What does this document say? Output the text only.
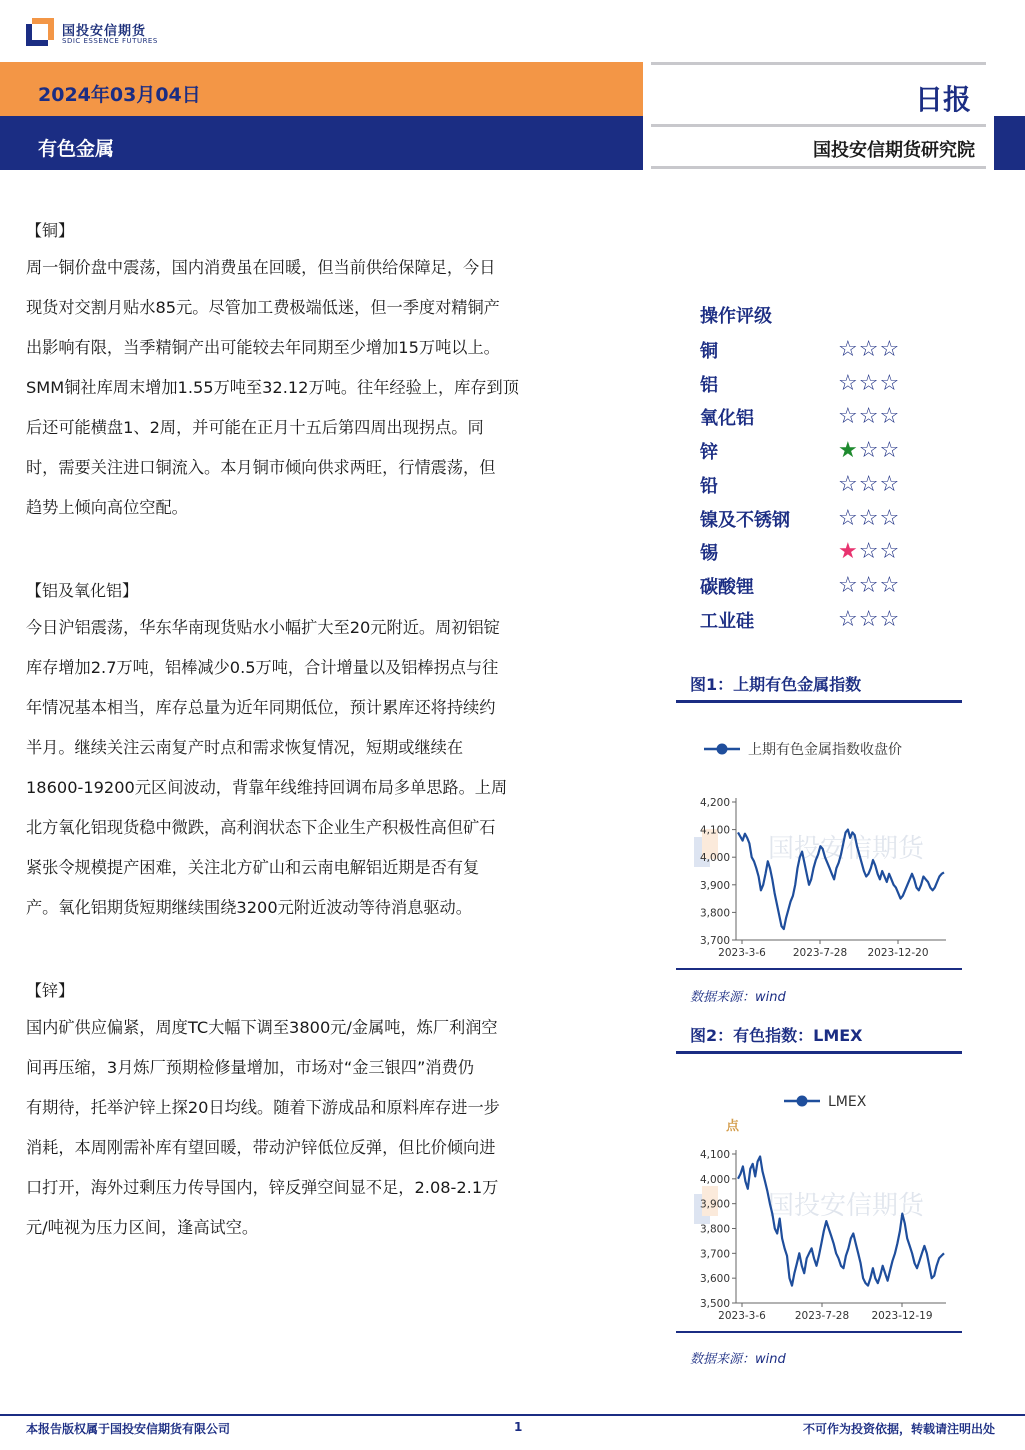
国投安信期货
SDIC ESSENCE FUTURES
2024年03月04日
有色金属
日报
国投安信期货研究院
【铜】
周一铜价盘中震荡，国内消费虽在回暖，但当前供给保障足，今日
现货对交割月贴水85元。尽管加工费极端低迷，但一季度对精铜产
出影响有限，当季精铜产出可能较去年同期至少增加15万吨以上。
SMM铜社库周末增加1.55万吨至32.12万吨。往年经验上，库存到顶
后还可能横盘1、2周，并可能在正月十五后第四周出现拐点。同
时，需要关注进口铜流入。本月铜市倾向供求两旺，行情震荡，但
趋势上倾向高位空配。
【铝及氧化铝】
今日沪铝震荡，华东华南现货贴水小幅扩大至20元附近。周初铝锭
库存增加2.7万吨，铝棒减少0.5万吨，合计增量以及铝棒拐点与往
年情况基本相当，库存总量为近年同期低位，预计累库还将持续约
半月。继续关注云南复产时点和需求恢复情况，短期或继续在
18600-19200元区间波动，背靠年线维持回调布局多单思路。上周
北方氧化铝现货稳中微跌，高利润状态下企业生产积极性高但矿石
紧张令规模提产困难，关注北方矿山和云南电解铝近期是否有复
产。氧化铝期货短期继续围绕3200元附近波动等待消息驱动。
【锌】
国内矿供应偏紧，周度TC大幅下调至3800元/金属吨，炼厂利润空
间再压缩，3月炼厂预期检修量增加，市场对“金三银四”消费仍
有期待，托举沪锌上探20日均线。随着下游成品和原料库存进一步
消耗，本周刚需补库有望回暖，带动沪锌低位反弹，但比价倾向进
口打开，海外过剩压力传导国内，锌反弹空间显不足，2.08-2.1万
元/吨视为压力区间，逢高试空。
操作评级
铜	☆☆☆
铝	☆☆☆
氧化铝	☆☆☆
锌	★☆☆
铅	☆☆☆
镍及不锈钢 ☆☆☆
锡	★☆☆
碳酸锂	☆☆☆
工业硅	☆☆☆
图1：上期有色金属指数
上期有色金属指数收盘价
国投安信期货
3,700
3,800
3,900
4,000
4,100
4,200
2023-3-6	2023-7-28 2023-12-20
数据来源：wind
图2：有色指数：LMEX
LMEX
点
国投安信期货
3,500
3,600
3,700
3,800
3,900
4,000
4,100
2023-3-6	2023-7-28 2023-12-19
数据来源：wind
本报告版权属于国投安信期货有限公司	1	不可作为投资依据，转载请注明出处
